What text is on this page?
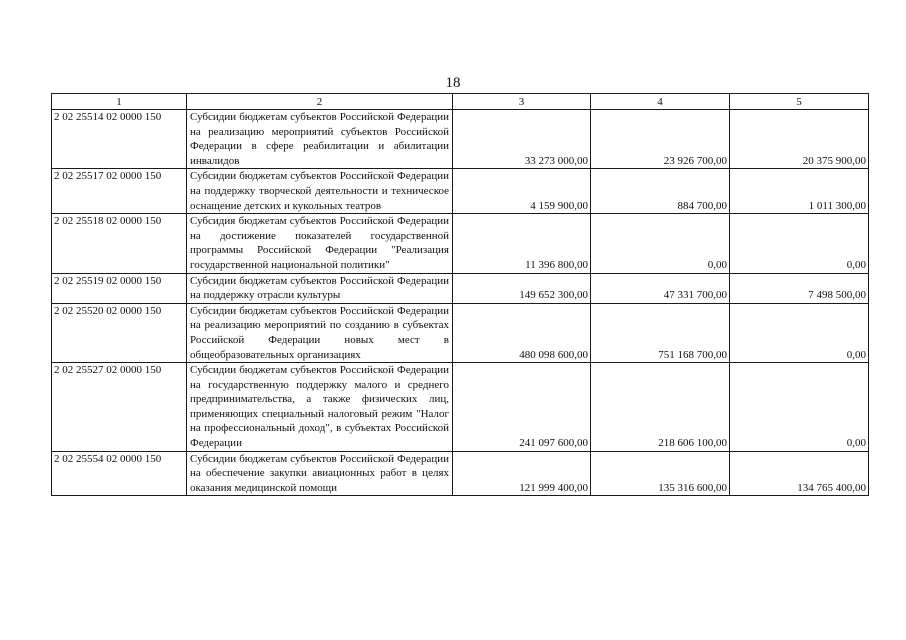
18
1	2	3	4	5
2 02 25514 02 0000 150	Субсидии бюджетам субъектов Российской Федерации на реализацию мероприятий субъектов Российской Федерации в сфере реабилитации и абилитации инвалидов	33 273 000,00	23 926 700,00	20 375 900,00
2 02 25517 02 0000 150	Субсидии бюджетам субъектов Российской Федерации на поддержку творческой деятельности и техническое оснащение детских и кукольных театров	4 159 900,00	884 700,00	1 011 300,00
2 02 25518 02 0000 150	Субсидия бюджетам субъектов Российской Федерации на достижение показателей государственной программы Российской Федерации "Реализация государственной национальной политики"	11 396 800,00	0,00	0,00
2 02 25519 02 0000 150	Субсидии бюджетам субъектов Российской Федерации на поддержку отрасли культуры	149 652 300,00	47 331 700,00	7 498 500,00
2 02 25520 02 0000 150	Субсидии бюджетам субъектов Российской Федерации на реализацию мероприятий по созданию в субъектах Российской Федерации новых мест в общеобразовательных организациях	480 098 600,00	751 168 700,00	0,00
2 02 25527 02 0000 150	Субсидии бюджетам субъектов Российской Федерации на государственную поддержку малого и среднего предпринимательства, а также физических лиц, применяющих специальный налоговый режим "Налог на профессиональный доход", в субъектах Российской Федерации	241 097 600,00	218 606 100,00	0,00
2 02 25554 02 0000 150	Субсидии бюджетам субъектов Российской Федерации на обеспечение закупки авиационных работ в целях оказания медицинской помощи	121 999 400,00	135 316 600,00	134 765 400,00
